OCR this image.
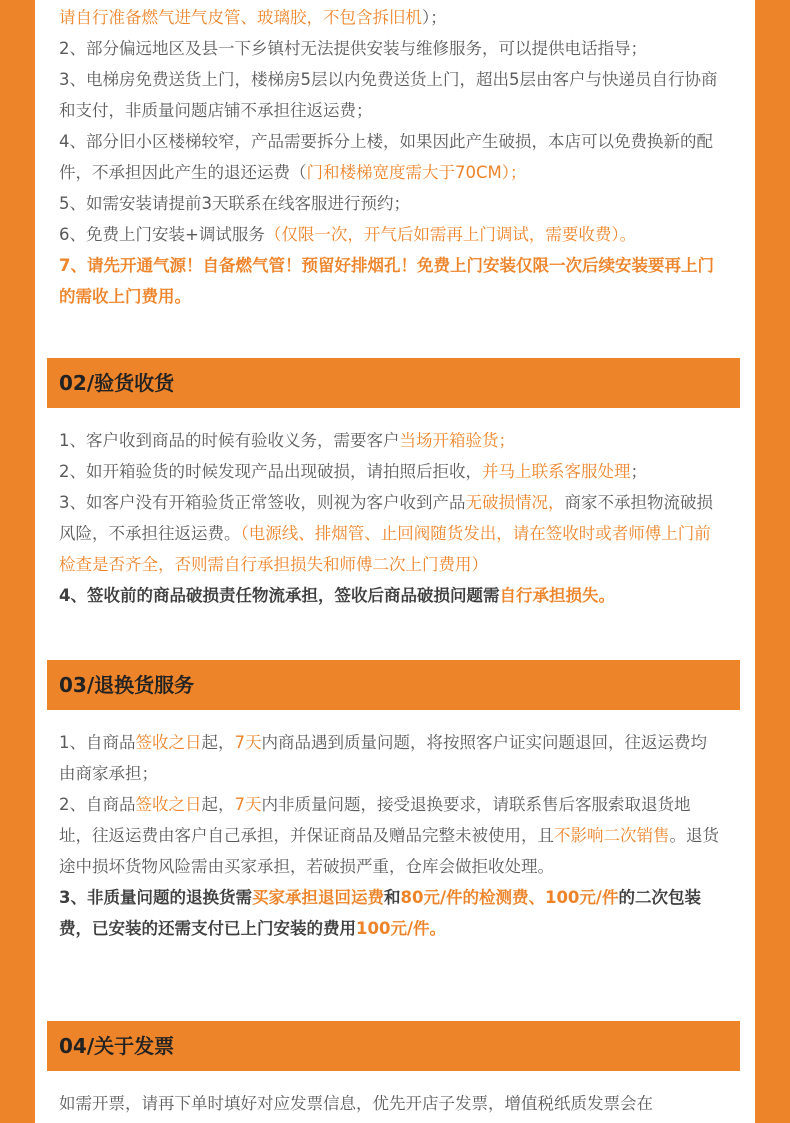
请自行准备燃气进气皮管、玻璃胶，不包含拆旧机）；

2、部分偏远地区及县一下乡镇村无法提供安装与维修服务，可以提供电话指导；

3、电梯房免费送货上门，楼梯房5层以内免费送货上门，超出5层由客户与快递员自行协商和支付，非质量问题店铺不承担往返运费；

4、部分旧小区楼梯较窄，产品需要拆分上楼，如果因此产生破损，本店可以免费换新的配件，不承担因此产生的退还运费（门和楼梯宽度需大于70CM）；

5、如需安装请提前3天联系在线客服进行预约；

6、免费上门安装+调试服务（仅限一次，开气后如需再上门调试，需要收费）。

7、请先开通气源！自备燃气管！预留好排烟孔！免费上门安装仅限一次后续安装要再上门的需收上门费用。

02/验货收货

1、客户收到商品的时候有验收义务，需要客户当场开箱验货；

2、如开箱验货的时候发现产品出现破损，请拍照后拒收，并马上联系客服处理；

3、如客户没有开箱验货正常签收，则视为客户收到产品无破损情况，商家不承担物流破损风险，不承担往返运费。（电源线、排烟管、止回阀随货发出，请在签收时或者师傅上门前检查是否齐全，否则需自行承担损失和师傅二次上门费用）

4、签收前的商品破损责任物流承担，签收后商品破损问题需自行承担损失。

03/退换货服务

1、自商品签收之日起，7天内商品遇到质量问题，将按照客户证实问题退回，往返运费均由商家承担；

2、自商品签收之日起，7天内非质量问题，接受退换要求，请联系售后客服索取退货地址，往返运费由客户自己承担，并保证商品及赠品完整未被使用，且不影响二次销售。退货途中损坏货物风险需由买家承担，若破损严重，仓库会做拒收处理。

3、非质量问题的退换货需买家承担退回运费和80元/件的检测费、100元/件的二次包装费，已安装的还需支付已上门安装的费用100元/件。

04/关于发票

如需开票，请再下单时填好对应发票信息，优先开店子发票，增值税纸质发票会在
